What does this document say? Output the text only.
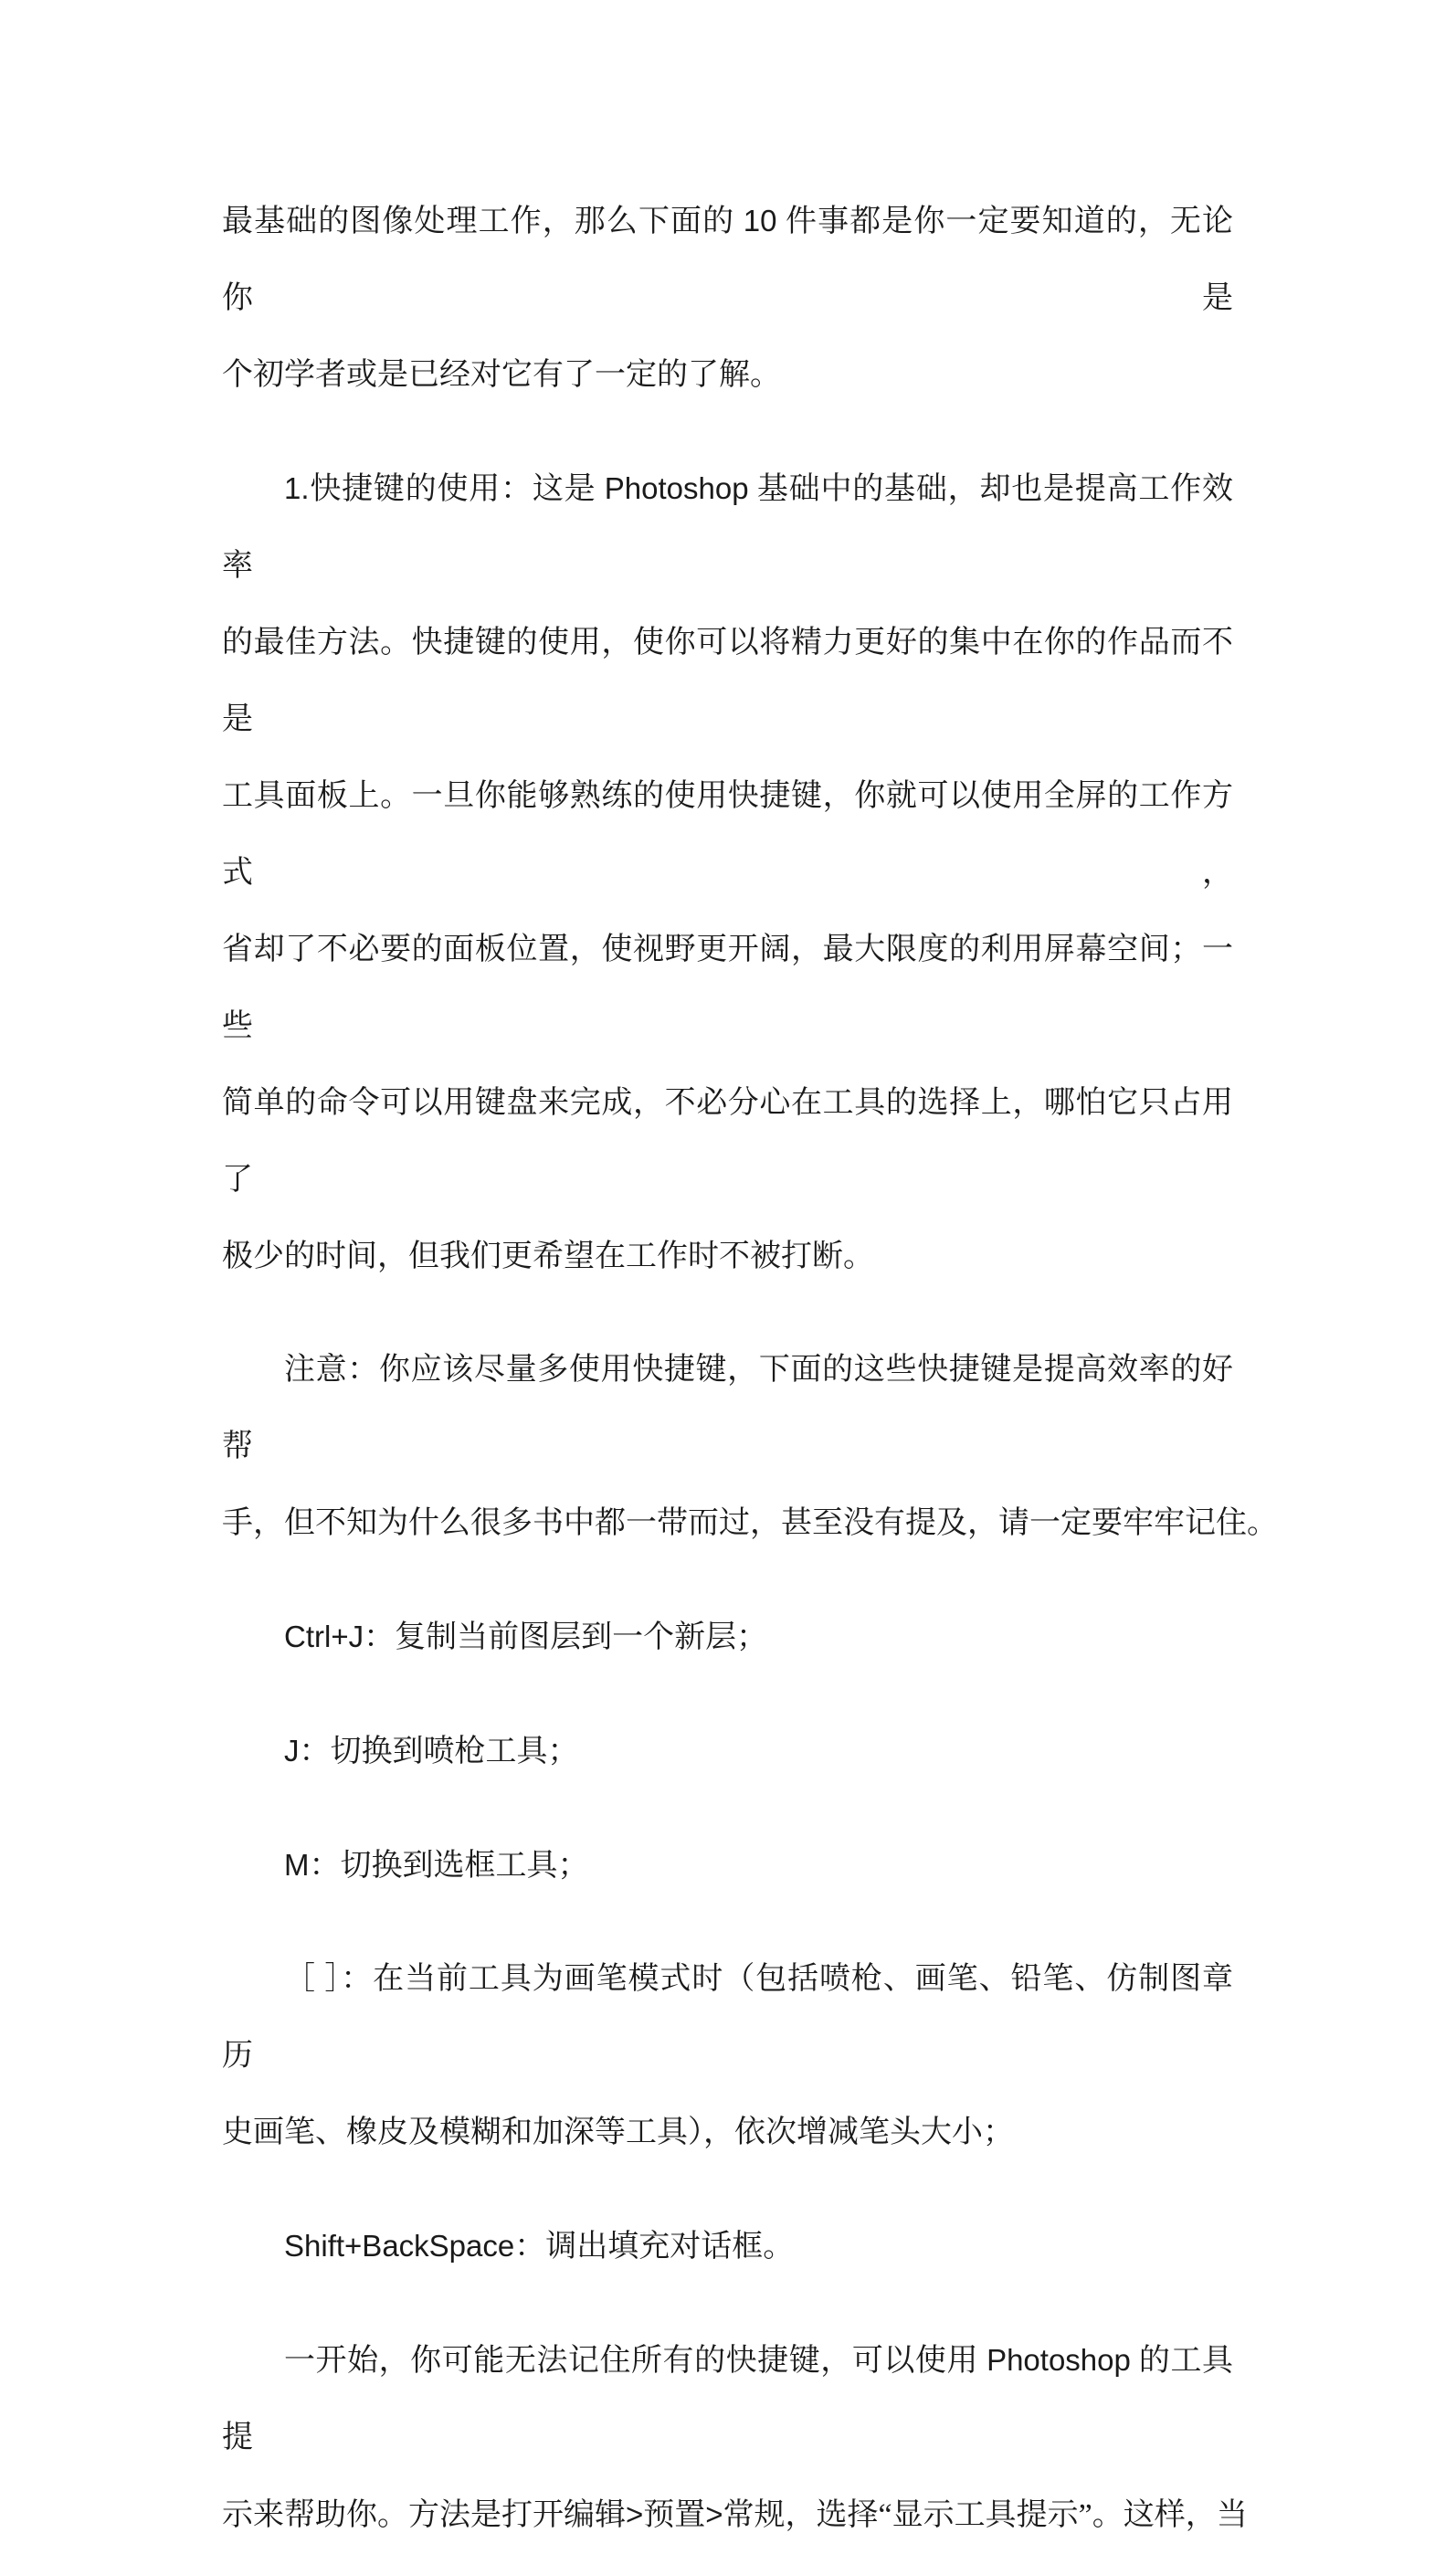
最基础的图像处理工作，那么下面的 10 件事都是你一定要知道的，无论你是
个初学者或是已经对它有了一定的了解。
1.快捷键的使用：这是 Photoshop 基础中的基础，却也是提高工作效率
的最佳方法。快捷键的使用，使你可以将精力更好的集中在你的作品而不是
工具面板上。一旦你能够熟练的使用快捷键，你就可以使用全屏的工作方式，
省却了不必要的面板位置，使视野更开阔，最大限度的利用屏幕空间；一些
简单的命令可以用键盘来完成，不必分心在工具的选择上，哪怕它只占用了
极少的时间，但我们更希望在工作时不被打断。
注意：你应该尽量多使用快捷键，下面的这些快捷键是提高效率的好帮
手，但不知为什么很多书中都一带而过，甚至没有提及，请一定要牢牢记住。
Ctrl+J：复制当前图层到一个新层；
J：切换到喷枪工具；
M：切换到选框工具；
［ ］：在当前工具为画笔模式时（包括喷枪、画笔、铅笔、仿制图章历
史画笔、橡皮及模糊和加深等工具），依次增减笔头大小；
Shift+BackSpace：调出填充对话框。
一开始，你可能无法记住所有的快捷键，可以使用 Photoshop 的工具提
示来帮助你。方法是打开编辑>预置>常规，选择“显示工具提示”。这样，当
